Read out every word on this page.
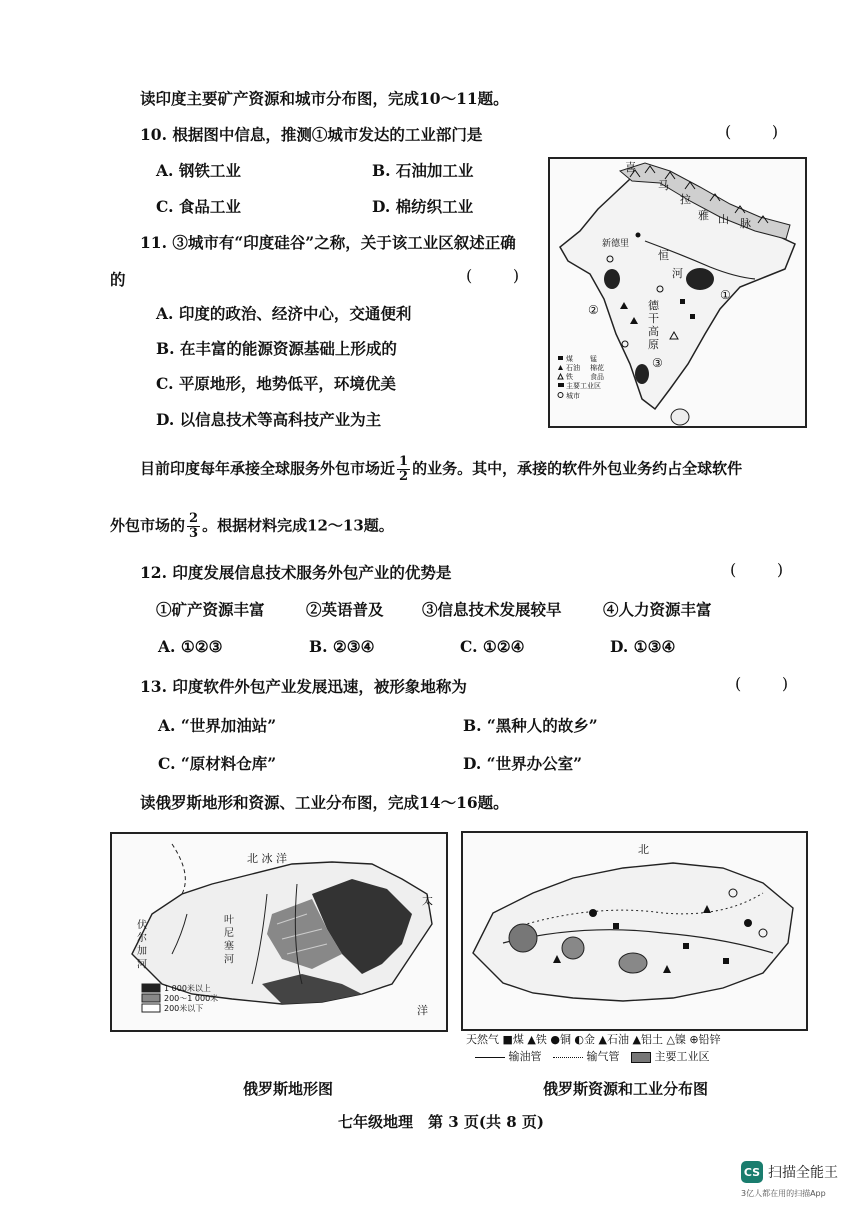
读印度主要矿产资源和城市分布图，完成10～11题。
10. 根据图中信息，推测①城市发达的工业部门是	(        )
A. 钢铁工业	B. 石油加工业
C. 食品工业	D. 棉纺织工业
11. ③城市有“印度硅谷”之称，关于该工业区叙述正确
的	(        )
A. 印度的政治、经济中心，交通便利
B. 在丰富的能源资源基础上形成的
C. 平原地形，地势低平，环境优美
D. 以信息技术等高科技产业为主
①
②
③
喜
马
拉
雅 山 脉
新德里
恒
河
德
干
高
原
煤
石油
铁
锰
棉花
食品
主要工业区
城市
目前印度每年承接全球服务外包市场近 $\frac{1}{2}$ 的业务。其中，承接的软件外包业务约占全球软件
外包市场的 $\frac{2}{3}$ 。根据材料完成12～13题。
12. 印度发展信息技术服务外包产业的优势是	(        )
①矿产资源丰富	②英语普及 ③信息技术发展较早	④人力资源丰富
A. ①②③	B. ②③④	C. ①②④	D. ①③④
13. 印度软件外包产业发展迅速，被形象地称为	(        )
A. “世界加油站”	B. “黑种人的故乡”
C. “原材料仓库”	D. “世界办公室”
读俄罗斯地形和资源、工业分布图，完成14～16题。
北 冰 洋
太
洋
伏 尔 加 河	叶 尼 塞 河
1 000米以上
200～1 000米
200米以下
北
天然气 ■煤 ▲铁 ●铜 ◐金 ▲石油 ▲铝土 △镍 ⊕铅锌
输油管	输气管	主要工业区
俄罗斯地形图	俄罗斯资源和工业分布图
七年级地理　第 3 页(共 8 页)
CS 扫描全能王
3亿人都在用的扫描App
